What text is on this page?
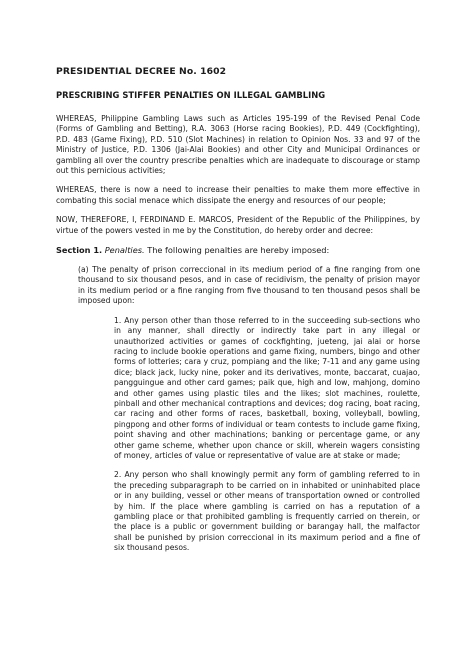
PRESIDENTIAL DECREE No. 1602
PRESCRIBING STIFFER PENALTIES ON ILLEGAL GAMBLING
WHEREAS, Philippine Gambling Laws such as Articles 195-199 of the Revised Penal Code (Forms of Gambling and Betting), R.A. 3063 (Horse racing Bookies), P.D. 449 (Cockfighting), P.D. 483 (Game Fixing), P.D. 510 (Slot Machines) in relation to Opinion Nos. 33 and 97 of the Ministry of Justice, P.D. 1306 (Jai-Alai Bookies) and other City and Municipal Ordinances or gambling all over the country prescribe penalties which are inadequate to discourage or stamp out this pernicious activities;
WHEREAS, there is now a need to increase their penalties to make them more effective in combating this social menace which dissipate the energy and resources of our people;
NOW, THEREFORE, I, FERDINAND E. MARCOS, President of the Republic of the Philippines, by virtue of the powers vested in me by the Constitution, do hereby order and decree:
Section 1. Penalties. The following penalties are hereby imposed:
(a) The penalty of prison correccional in its medium period of a fine ranging from one thousand to six thousand pesos, and in case of recidivism, the penalty of prision mayor in its medium period or a fine ranging from five thousand to ten thousand pesos shall be imposed upon:
1. Any person other than those referred to in the succeeding sub-sections who in any manner, shall directly or indirectly take part in any illegal or unauthorized activities or games of cockfighting, jueteng, jai alai or horse racing to include bookie operations and game fixing, numbers, bingo and other forms of lotteries; cara y cruz, pompiang and the like; 7-11 and any game using dice; black jack, lucky nine, poker and its derivatives, monte, baccarat, cuajao, pangguingue and other card games; paik que, high and low, mahjong, domino and other games using plastic tiles and the likes; slot machines, roulette, pinball and other mechanical contraptions and devices; dog racing, boat racing, car racing and other forms of races, basketball, boxing, volleyball, bowling, pingpong and other forms of individual or team contests to include game fixing, point shaving and other machinations; banking or percentage game, or any other game scheme, whether upon chance or skill, wherein wagers consisting of money, articles of value or representative of value are at stake or made;
2. Any person who shall knowingly permit any form of gambling referred to in the preceding subparagraph to be carried on in inhabited or uninhabited place or in any building, vessel or other means of transportation owned or controlled by him. If the place where gambling is carried on has a reputation of a gambling place or that prohibited gambling is frequently carried on therein, or the place is a public or government building or barangay hall, the malfactor shall be punished by prision correccional in its maximum period and a fine of six thousand pesos.
